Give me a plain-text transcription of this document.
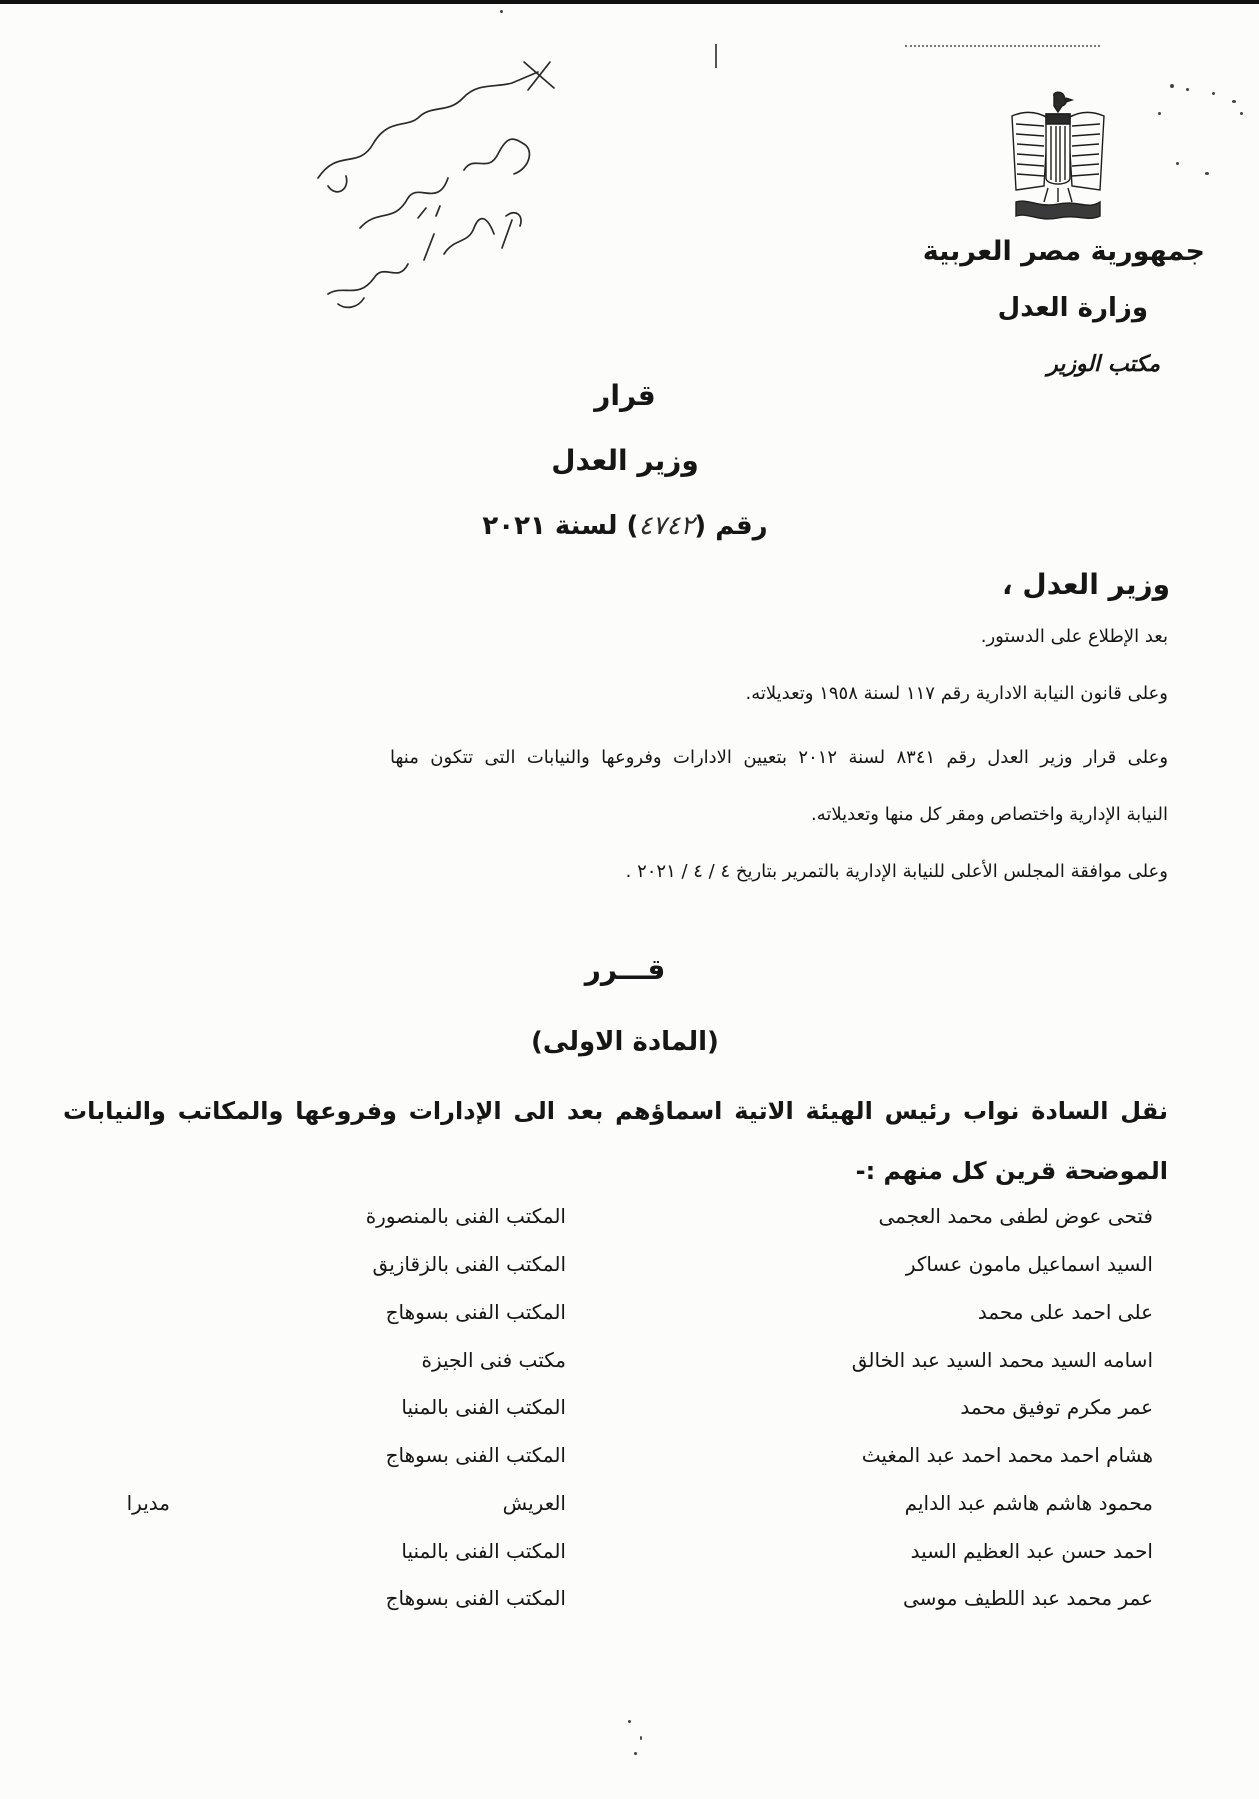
جمهورية مصر العربية
وزارة العدل
مكتب الوزير
قرار
وزير العدل
رقم (٤٧٤٢) لسنة ٢٠٢١
وزير العدل ،
بعد الإطلاع على الدستور.
وعلى قانون النيابة الادارية رقم ١١٧ لسنة ١٩٥٨ وتعديلاته.
وعلى قرار وزير العدل رقم ٨٣٤١ لسنة ٢٠١٢ بتعيين الادارات وفروعها والنيابات التى تتكون منها
النيابة الإدارية واختصاص ومقر كل منها وتعديلاته.
وعلى موافقة المجلس الأعلى للنيابة الإدارية بالتمرير بتاريخ ٤ / ٤ / ٢٠٢١ .
قـــرر
(المادة الاولى)
نقل السادة نواب رئيس الهيئة الاتية اسماؤهم بعد الى الإدارات وفروعها والمكاتب والنيابات
الموضحة قرين كل منهم :-
فتحى عوض لطفى محمد العجمى
المكتب الفنى بالمنصورة
السيد اسماعيل مامون عساكر
المكتب الفنى بالزقازيق
على احمد على محمد
المكتب الفنى بسوهاج
اسامه السيد محمد السيد عبد الخالق
مكتب فنى الجيزة
عمر مكرم توفيق محمد
المكتب الفنى بالمنيا
هشام احمد محمد احمد عبد المغيث
المكتب الفنى بسوهاج
محمود هاشم هاشم عبد الدايم
العريش
مديرا
احمد حسن عبد العظيم السيد
المكتب الفنى بالمنيا
عمر محمد عبد اللطيف موسى
المكتب الفنى بسوهاج
